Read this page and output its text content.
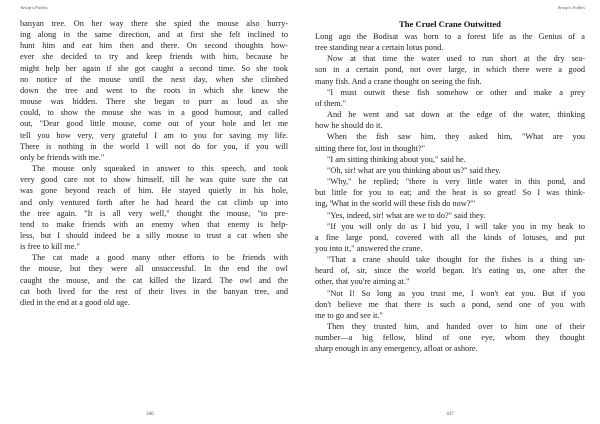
Aesop's Fables
banyan tree. On her way there she spied the mouse also hurry-
ing along in the same direction, and at first she felt inclined to
hunt him and eat him then and there. On second thoughts how-
ever she decided to try and keep friends with him, because he
might help her again if she got caught a second time. So she took
no notice of the mouse until the next day, when she climbed
down the tree and went to the roots in which she knew the
mouse was hidden. There she began to purr as loud as she
could, to show the mouse she was in a good humour, and called
out, "Dear good little mouse, come out of your hole and let me
tell you how very, very grateful I am to you for saving my life.
There is nothing in the world I will not do for you, if you will
only be friends with me."
The mouse only squeaked in answer to this speech, and took
very good care not to show himself, till he was quite sure the cat
was gone beyond reach of him. He stayed quietly in his hole,
and only ventured forth after he had heard the cat climb up into
the tree again. "It is all very well," thought the mouse, "to pre-
tend to make friends with an enemy when that enemy is help-
less, but I should indeed be a silly mouse to trust a cat when she
is free to kill me."
The cat made a good many other efforts to be friends with
the mouse, but they were all unsuccessful. In the end the owl
caught the mouse, and the cat killed the lizard. The owl and the
cat both lived for the rest of their lives in the banyan tree, and
died in the end at a good old age.
446
Aesop's Fables
The Cruel Crane Outwitted
Long ago the Bodisat was born to a forest life as the Genius of a
tree standing near a certain lotus pond.
Now at that time the water used to run short at the dry sea-
son in a certain pond, not over large, in which there were a good
many fish. And a crane thought on seeing the fish.
"I must outwit these fish somehow or other and make a prey
of them."
And he went and sat down at the edge of the water, thinking
how he should do it.
When the fish saw him, they asked him, "What are you
sitting there for, lost in thought?"
"I am sitting thinking about you," said he.
"Oh, sir! what are you thinking about us?" said they.
"Why," he replied; "there is very little water in this pond, and
but little for you to eat; and the heat is so great! So I was think-
ing, 'What in the world will these fish do now?'"
"Yes, indeed, sir! what are we to do?" said they.
"If you will only do as I bid you, I will take you in my beak to
a fine large pond, covered with all the kinds of lotuses, and put
you into it," answered the crane.
"That a crane should take thought for the fishes is a thing un-
heard of, sir, since the world began. It's eating us, one after the
other, that you're aiming at."
"Not I! So long as you trust me, I won't eat you. But if you
don't believe me that there is such a pond, send one of you with
me to go and see it."
Then they trusted him, and handed over to him one of their
number—a big fellow, blind of one eye, whom they thought
sharp enough in any emergency, afloat or ashore.
447
